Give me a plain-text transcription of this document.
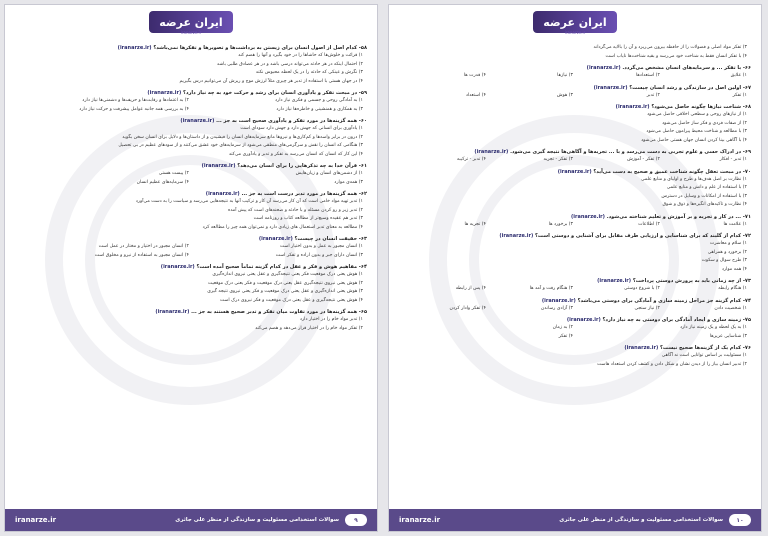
ایران عرضه
iranarze.ir
۵۸- کدام اصل از اصول انسان برای زیستن به برداشت‌ها و تصویرها و تفکرها نمی‌باشد؟ (iranarze.ir)
۱) قرائت و خلوش‌ها که حاشاها را در خود بگیرد و آنها را هضم کند
۲) احتمال اینکه در هر حادثه می‌تواند درسی باشد و در هر عصادق طلبی باشد
۳) نگرش و عینکی که حادثه را در یک لحظه محبوس نکند
۴) در جهان هستی با استفاده از تدبر هر چیزی مثلاً لرزش موج و ریزش آن می‌توانیم درس بگیریم
۵۹- در مبحث تفکر و یادآوری انسان برای رشد و حرکت خود به چه نیاز دارد؟ (iranarze.ir)
۱) به آمادگی روحی و جسمی و فکری نیاز دارد
۲) به اعتمادها و رقابت‌ها و حریف‌ها و دشمنی‌ها نیاز دارد
۳) به همکاری و همنشینی و خاطره‌ها نیاز دارد
۴) به بررسی همه جانبه عوامل پیشرفت و حرکت نیاز دارد
۶۰- همه گزینه‌ها در مورد تفکر و یادآوری صحیح است به جز ... (iranarze.ir)
۱) یادآوری برای انسانی که جهش دارد و جهش دارد سودای است
۲) درون در برابر واسه‌ها و کم‌کاری‌ها و نیروها مانع سرمایه‌های انسان را فیشیدن و از داستان‌ها و دلایل برای انسان سخن بگوید
۳) هنگامی که انسان را نقش و سرگرمی‌های منطقی می‌شود از سرمایه‌های خود عشق می‌کنند و از سودهای عظیم در بی تحصیل
۴) این کار که انسان که انسان می‌رسد به تفکر و تدبر و یادآوری می‌کند
۶۱- قرآن خدا به چه تذکرهایی را برای انسان می‌دهد؟ (iranarze.ir)
۱) از دشمن‌های انسان و زیان‌هایش
۲) پیست هستی
۳) همه‌ی موارد
۴) سرمایه‌های عظیم انسان
۶۲- همه گزینه‌ها در مورد تدبر درست است به جز ... (iranarze.ir)
۱) تدبر تهیه مواد خامی است که آن کار می‌رسد آن کار و ترکیب آنها به نتیجه‌هایی می‌رسد و سیاست را به دست می‌آورد
۲) تدبر زیر و رو کردن مسئله و با حادثه و صحنه‌های است که پیش آمده
۳) تدبر هم عقیده وسیع‌تر از مطالعه کتاب و روزنامه است
۴) مطالعه به معنای تدبر استعمال های زیادی دارد و نمی‌توان همه چیز را مطالعه کرد
۶۳- حقیقت انسان در چیست؟ (iranarze.ir)
۱) انسان مجبور به عمل و بدون اختیار است
۲) انسان مجبور در اختیار و مختار در عمل است
۳) انسان دارای جبر و بدون اراده و تفکر است
۴) انسان مجبور به استفاده از نیرو و مخلوق است
۶۴- مفاهیم هوش و فکر و عقل در کدام گزینه تماماً صحیح آمده است؟ (iranarze.ir)
۱) هوش یعنی درک موقعیت فکر یعنی نتیجه‌گیری و عقل یعنی نیروی اندازه‌گیری
۲) هوش یعنی نیروی نتیجه‌گیری عقل یعنی درک موقعیت و فکر یعنی درک موقعیت
۳) هوش یعنی اندازه‌گیری و عقل یعنی درک موقعیت و فکر یعنی نیروی نتیجه گیری
۴) هوش یعنی نتیجه‌گیری و عقل یعنی درک موقعیت و فکر نیروی درک است
۶۵- همه گزینه‌ها در مورد تفاوت میان تفکر و تدبر صحیح هستند به جز ... (iranarze.ir)
۱) تدبر مواد خام را در اختیار دارد
۲) تفکر مواد خام را در اختیار قرار می‌دهد و هضم می‌کند
iranarze.ir	سوالات استخدامی مسئولیت و سازندگی از منظر علی جاثری	۹
ایران عرضه
iranarze.ir
۳) تفکر مواد اصلی و فضولات را از حافظه بیرون می‌ریزد و آن را بالایه می‌گرداند
۴) با تفکر انسان فقط به شناخت خود می‌رسد و بقیه شناخت‌ها نایاب است
۶۶- با تفکر ... و سرمایه‌های انسان مشخص می‌گردد. (iranarze.ir)
۱) علایق
۲) استعدادها
۳) نیازها
۴) قدرت ها
۶۷- اولین اصل در سازندگی و رشد انسان چیست؟ (iranarze.ir)
۱) تفکر
۲) تدبر
۳) هوش
۴) استعداد
۶۸- شناخت نیازها چگونه حاصل می‌شود؟ (iranarze.ir)
۱) از نیازهای روحی و سطحی اخلاقی حاصل می‌شود
۲) از صفات فردی و فکر ساز حاصل می‌شود
۳) با مطالعه و شناخت محیط پیرامون حاصل می‌شود
۴) با آگاهی بینا کردن انسان جهان هستی حاصل می‌شود
۶۹- در ادراک حسی و علوم تجربی به دست می‌رسد و با ... تجربه‌ها و آگاهی‌ها نتیجه گیری می‌شود. (iranarze.ir)
۱) تدبر - افکار
۲) تفکر - آموزش
۳) تفکر - تجربه
۴) تدبر - ترکیبه
۷۰- در مبحث تعقل چگونه شناخت عمیق و صحیح به دست می‌آید؟ (iranarze.ir)
۱) نظارت بر اصل هدف‌ها و طرح و اولیای و منابع علمی
۲) با استفاده از علم و دانش و منابع علمی
۳) با استفاده از امکانات و وسایل در دسترس
۴) نظارت و تاکید‌های انگیزه‌ها و ذوق و شوق
۷۱- ... در کار و تجربه و بر آموزش و تعلیم شناخته می‌شود. (iranarze.ir)
۱) علامت ها
۲) اطلاعات
۳) برخورد ها
۴) تجربه ها
۷۲- کدام از گلبند که برای شناسایی و ارزیابی طرف مقابل برای آشنایی و دوستی است؟ (iranarze.ir)
۱) سلام و معاشرت
۲) برخورد و همراهی
۳) طرح سوال و سکوت
۴) همه موارد
۷۳- از چه زمانی باید به پرورش دوستی پرداخت؟ (iranarze.ir)
۱) هنگام رابطه
۲) با شروع دوستی
۳) هنگام رفت و آمد ها
۴) پس از رابطه
۷۴- کدام گزینه جز مراحل زمینه سازی و آمادگی برای دوستی می‌باشد؟ (iranarze.ir)
۱) شخصیت دادن
۲) نیاز سنجی
۳) آزادی رساندن
۴) تفکر وادار کردن
۷۵- زمینه سازی و ایجاد آمادگی برای دوستی به چه نیاز دارد؟ (iranarze.ir)
۱) به یک لحظه و یک زمینه نیاز دارد
۲) به زمان
۳) شناسایی عزیزها
۴) تفکر
۷۶- کدام یک از گزینه‌ها صحیح نیست؟ (iranarze.ir)
۱) مسئولیت بر اساس توانایی است نه آگاهی
۲) تدبیر انسان بیاز را از دیدن نشان و شکل دادن و کشف کردن استعداد هاست
iranarze.ir	سوالات استخدامی مسئولیت و سازندگی از منظر علی جاثری	۱۰
